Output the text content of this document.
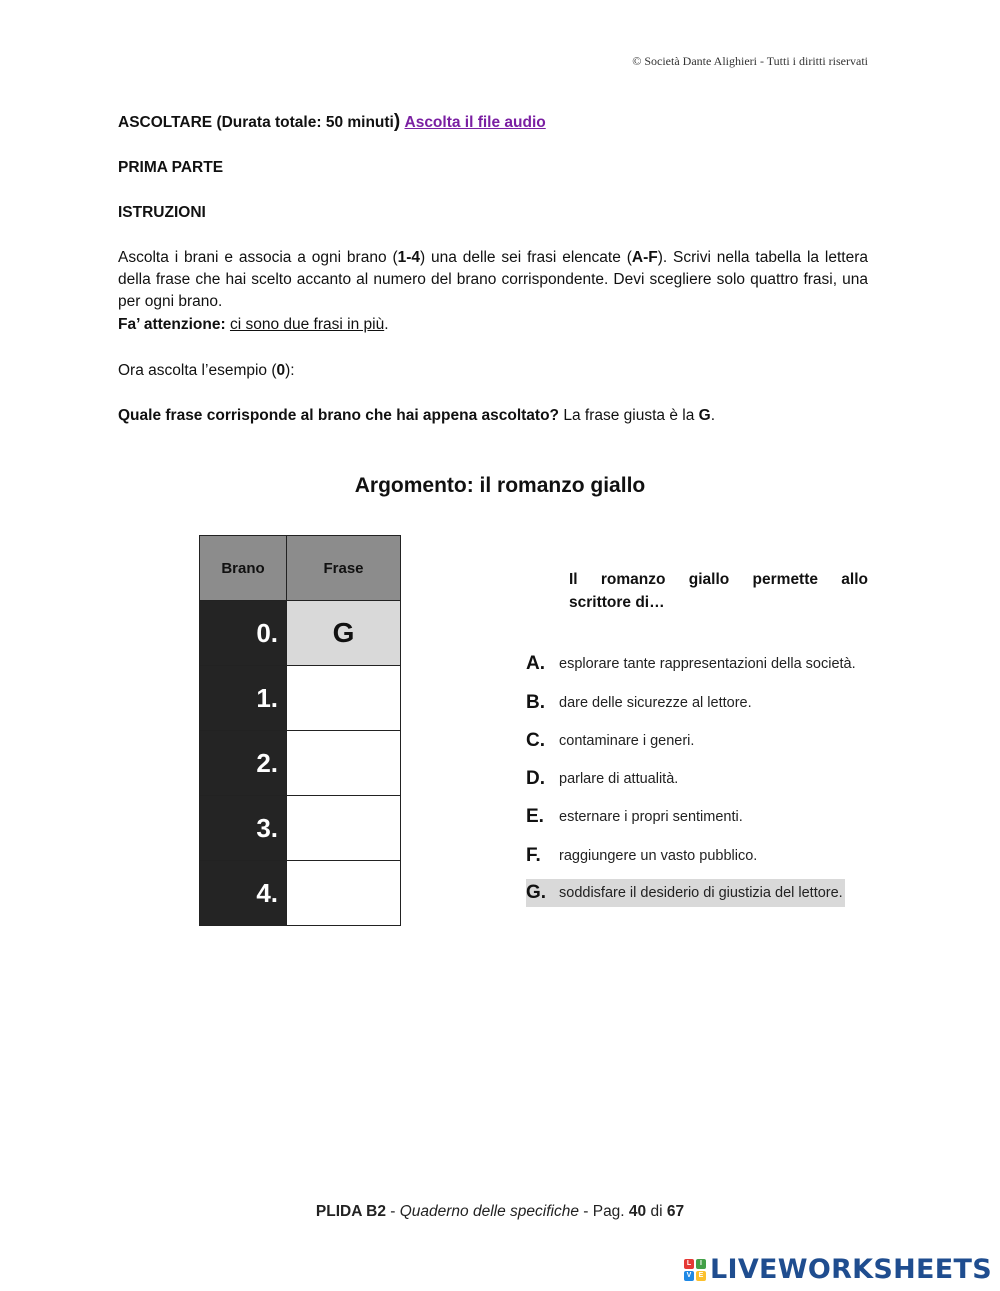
© Società Dante Alighieri - Tutti i diritti riservati
ASCOLTARE (Durata totale: 50 minuti) Ascolta il file audio
PRIMA PARTE
ISTRUZIONI
Ascolta i brani e associa a ogni brano (1-4) una delle sei frasi elencate (A-F). Scrivi nella tabella la lettera della frase che hai scelto accanto al numero del brano corrispondente. Devi scegliere solo quattro frasi, una per ogni brano.
Fa’ attenzione: ci sono due frasi in più.
Ora ascolta l’esempio (0):
Quale frase corrisponde al brano che hai appena ascoltato? La frase giusta è la G.
Argomento: il romanzo giallo
Brano	Frase
0.	G
1.	
2.	
3.	
4.	
Il romanzo giallo permette allo
scrittore di…
A. esplorare tante rappresentazioni della società.
B. dare delle sicurezze al lettore.
C. contaminare i generi.
D. parlare di attualità.
E.	esternare i propri sentimenti.
F.	raggiungere un vasto pubblico.
G. soddisfare il desiderio di giustizia del lettore.
PLIDA B2 - Quaderno delle specifiche - Pag. 40 di 67
L	I
V	E LIVEWORKSHEETS
